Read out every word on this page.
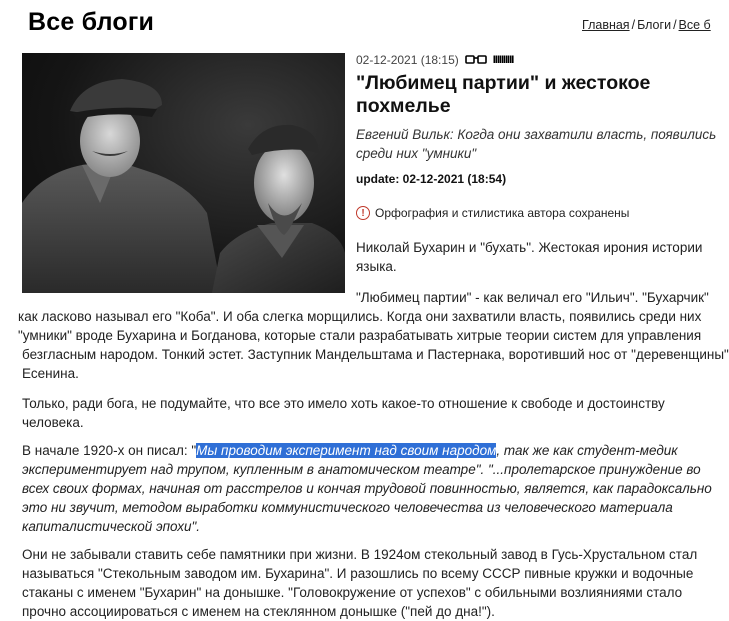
Все блоги	Главная / Блоги / Все б
02-12-2021 (18:15)	IIIIIIIIII
"Любимец партии" и жестокое
похмелье
Евгений Вильк: Когда они захватили власть, появились
среди них "умники"
update: 02-12-2021 (18:54)
! Орфография и стилистика автора сохранены
Николай Бухарин и "бухать". Жестокая ирония истории
языка.
"Любимец партии" - как величал его "Ильич". "Бухарчик"
как ласково называл его "Коба". И оба слегка морщились. Когда они захватили власть, появились среди них
"умники" вроде Бухарина и Богданова, которые стали разрабатывать хитрые теории систем для управления
безгласным народом. Тонкий эстет. Заступник Мандельштама и Пастернака, воротивший нос от "деревенщины"
Есенина.
Только, ради бога, не подумайте, что все это имело хоть какое-то отношение к свободе и достоинству
человека.
В начале 1920-х он писал: "Мы проводим эксперимент над своим народом, так же как студент-медик
экспериментирует над трупом, купленным в анатомическом театре". "...пролетарское принуждение во
всех своих формах, начиная от расстрелов и кончая трудовой повинностью, является, как парадоксально
это ни звучит, методом выработки коммунистического человечества из человеческого материала
капиталистической эпохи".
Они не забывали ставить себе памятники при жизни. В 1924ом стекольный завод в Гусь-Хрустальном стал
называться "Стекольным заводом им. Бухарина". И разошлись по всему СССР пивные кружки и водочные
стаканы с именем "Бухарин" на донышке. "Головокружение от успехов" с обильными возлияниями стало
прочно ассоциироваться с именем на стеклянном донышке ("пей до дна!").
